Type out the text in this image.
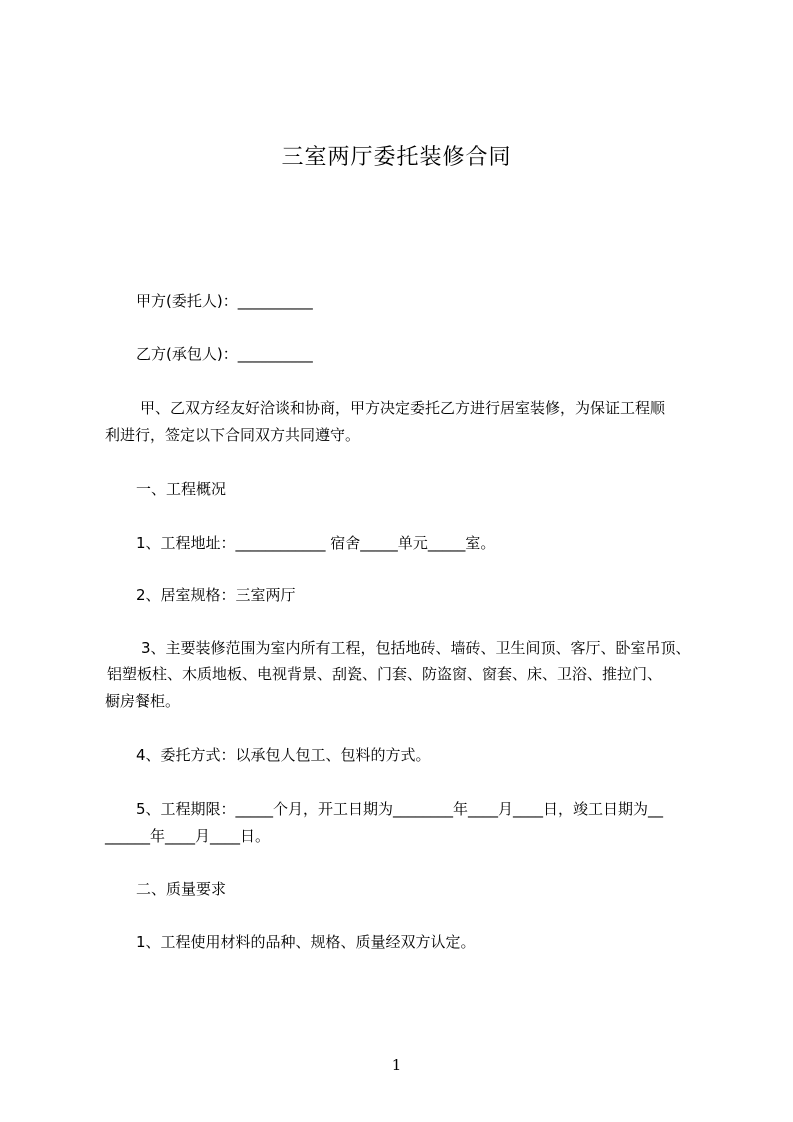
三室两厅委托装修合同
甲方(委托人)：__________
乙方(承包人)：__________
甲、乙双方经友好洽谈和协商，甲方决定委托乙方进行居室装修，为保证工程顺
利进行，签定以下合同双方共同遵守。
一、工程概况
1、工程地址：____________ 宿舍_____单元_____室。
2、居室规格：三室两厅
3、主要装修范围为室内所有工程，包括地砖、墙砖、卫生间顶、客厅、卧室吊顶、
铝塑板柱、木质地板、电视背景、刮瓷、门套、防盗窗、窗套、床、卫浴、推拉门、
橱房餐柜。
4、委托方式：以承包人包工、包料的方式。
5、工程期限：_____个月，开工日期为________年____月____日，竣工日期为__
______年____月____日。
二、质量要求
1、工程使用材料的品种、规格、质量经双方认定。
1
